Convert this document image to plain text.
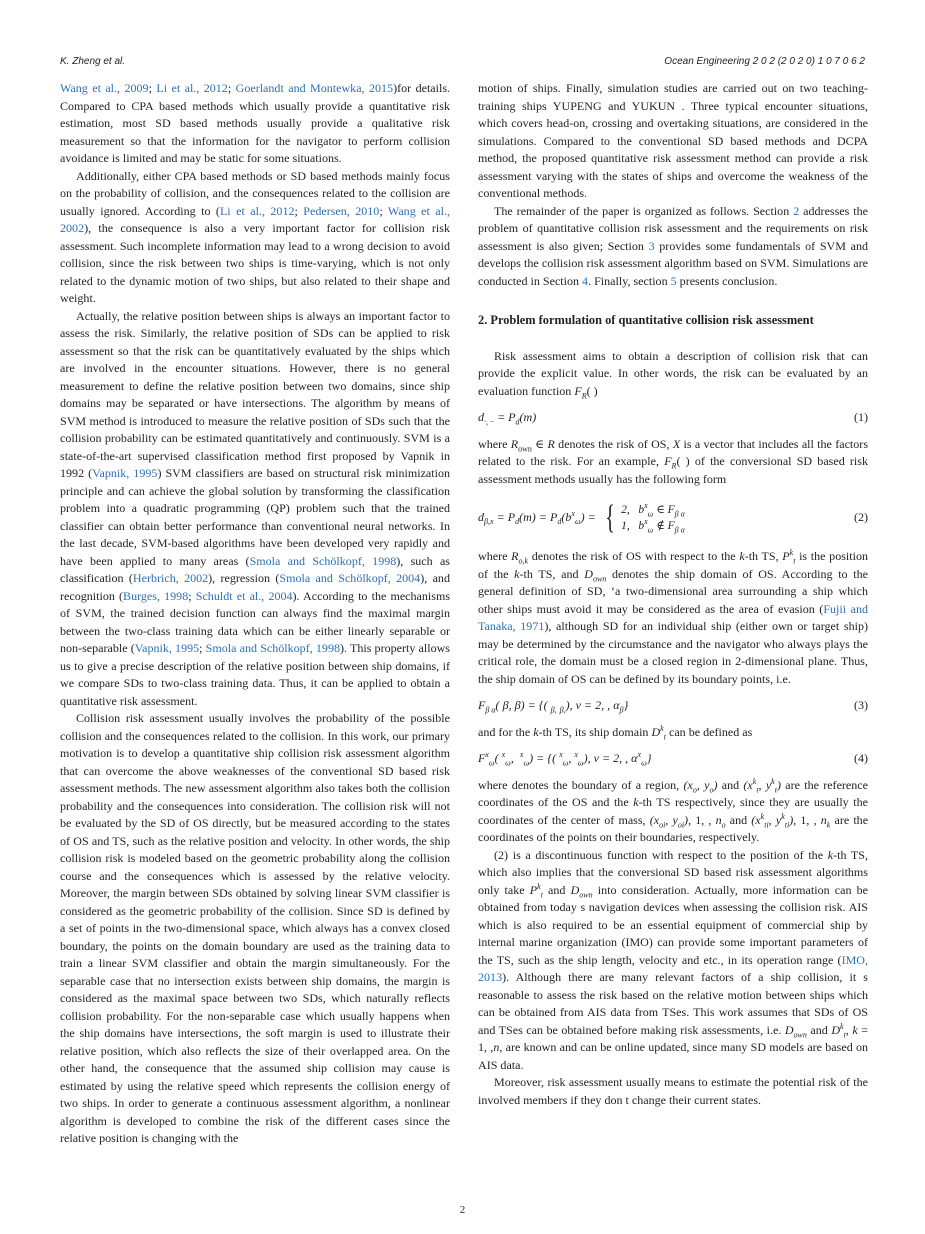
K. Zheng et al.	Ocean Engineering 2 0 2 (2 0 2 0) 1 0 7 0 6 2

Wang et al., 2009; Li et al., 2012; Goerlandt and Montewka, 2015)for details. Compared to CPA based methods which usually provide a quantitative risk estimation, most SD based methods usually provide a qualitative risk measurement so that the information for the navigator to perform collision avoidance is limited and may be static for some situations.

Additionally, either CPA based methods or SD based methods mainly focus on the probability of collision, and the consequences related to the collision are usually ignored. According to (Li et al., 2012; Pedersen, 2010; Wang et al., 2002), the consequence is also a very important factor for collision risk assessment. Such incomplete information may lead to a wrong decision to avoid collision, since the risk between two ships is time-varying, which is not only related to the dynamic motion of two ships, but also related to their shape and weight.

Actually, the relative position between ships is always an important factor to assess the risk. Similarly, the relative position of SDs can be applied to risk assessment so that the risk can be quantitatively evaluated by the ships which are involved in the encounter situations. However, there is no general measurement to define the relative position between two domains, since ship domains may be separated or have intersections. The algorithm by means of SVM method is introduced to measure the relative position of SDs such that the collision probability can be estimated quantitatively and continuously. SVM is a state-of-the-art supervised classification method first proposed by Vapnik in 1992 (Vapnik, 1995) SVM classifiers are based on structural risk minimization principle and can achieve the global solution by transforming the classification problem into a quadratic programming (QP) problem such that the trained classifier can obtain better performance than conventional neural networks. In the last decade, SVM-based algorithms have been developed very rapidly and have been applied to many areas (Smola and Schölkopf, 1998), such as classification (Herbrich, 2002), regression (Smola and Schölkopf, 2004), and recognition (Burges, 1998; Schuldt et al., 2004). According to the mechanisms of SVM, the trained decision function can always find the maximal margin between the two-class training data which can be either linearly separable or non-separable (Vapnik, 1995; Smola and Schölkopf, 1998). This property allows us to give a precise description of the relative position between ship domains, if we compare SDs to two-class training data. Thus, it can be applied to obtain a quantitative risk assessment.

Collision risk assessment usually involves the probability of the possible collision and the consequences related to the collision. In this work, our primary motivation is to develop a quantitative ship collision risk assessment algorithm that can overcome the above weaknesses of the conventional SD based risk assessment methods. The new assessment algorithm also takes both the collision probability and the consequences into consideration. The collision risk will not be evaluated by the SD of OS directly, but be measured according to the states of OS and TS, such as the relative position and velocity. In other words, the ship collision risk is modeled based on the geometric probability along the collision course and the consequences which is assessed by the relative velocity. Moreover, the margin between SDs obtained by solving linear SVM classifier is considered as the geometric probability of the collision. Since SD is defined by a set of points in the two-dimensional space, which always has a convex closed boundary, the points on the domain boundary are used as the training data to train a linear SVM classifier and obtain the margin simultaneously. For the separable case that no intersection exists between ship domains, the margin is considered as the maximal space between two SDs, which naturally reflects collision probability. For the non-separable case which usually happens when the ship domains have intersections, the soft margin is used to illustrate their relative position, which also reflects the size of their overlapped area. On the other hand, the consequence that the assumed ship collision may cause is estimated by using the relative speed which represents the collision energy of two ships. In order to generate a continuous assessment algorithm, a nonlinear algorithm is developed to combine the risk of the different cases since the relative position is changing with the

motion of ships. Finally, simulation studies are carried out on two teaching-training ships YUPENG and YUKUN . Three typical encounter situations, which covers head-on, crossing and overtaking situations, are considered in the simulations. Compared to the conventional SD based methods and DCPA method, the proposed quantitative risk assessment method can provide a risk assessment varying with the states of ships and overcome the weakness of the conventional methods.

The remainder of the paper is organized as follows. Section 2 addresses the problem of quantitative collision risk assessment and the requirements on risk assessment is also given; Section 3 provides some fundamentals of SVM and develops the collision risk assessment algorithm based on SVM. Simulations are conducted in Section 4. Finally, section 5 presents conclusion.

2. Problem formulation of quantitative collision risk assessment

Risk assessment aims to obtain a description of collision risk that can provide the explicit value. In other words, the risk can be evaluated by an evaluation function $F_R$( )

$d_{\cdot, \cdot\cdot} = P_d(m)$	(1)

where $R_{own}$ ∈ R denotes the risk of OS, X is a vector that includes all the factors related to the risk. For an example, $F_R$( ) of the conversional SD based risk assessment methods usually has the following form

$d_{\beta,x} = P_d(m) = P_d(b^x_\omega)$ = { 2, $b^x_\omega$ ∈ $F_{\beta \alpha}$
1, $b^x_\omega$ ∉ $F_{\beta \alpha}$
(2)

where $R_{o,k}$ denotes the risk of OS with respect to the k-th TS, $P^k_t$ is the position of the k-th TS, and $D_{own}$ denotes the ship domain of OS. According to the general definition of SD, ‘a two-dimensional area surrounding a ship which other ships must avoid it may be considered as the area of evasion (Fujii and Tanaka, 1971), although SD for an individual ship (either own or target ship) may be determined by the circumstance and the navigator who always plays the critical role, the domain must be a closed region in 2-dimensional plane. Thus, the ship domain of OS can be defined by its boundary points, i.e.

$F_{\beta \alpha}$( β, β) = {( $_{\beta,}$ $_{\beta,}$), v = 2, , $\alpha_\beta$}	(3)

and for the k-th TS, its ship domain $D^k_t$ can be defined as

$F^x_\omega$( $^x_\omega$,  $^x_\omega$) = {( $^x_\omega$, $^x_\omega$), v = 2, , $\alpha^x_\omega$}	(4)

where denotes the boundary of a region, ($x_o$, $y_o$) and ($x^k_t$, $y^k_t$) are the reference coordinates of the OS and the k-th TS respectively, since they are usually the coordinates of the center of mass, ($x_{oi}$, $y_{oi}$), 1, , $n_o$ and ($x^k_{ti}$, $y^k_{ti}$), 1, , $n_k$ are the coordinates of the points on their boundaries, respectively.

(2) is a discontinuous function with respect to the position of the k-th TS, which also implies that the conversional SD based risk assessment algorithms only take $P^k_t$ and $D_{own}$ into consideration. Actually, more information can be obtained from today s navigation devices when assessing the collision risk. AIS which is also required to be an essential equipment of commercial ship by internal marine organization (IMO) can provide some important parameters of the TS, such as the ship length, velocity and etc., in its operation range (IMO, 2013). Although there are many relevant factors of a ship collision, it s reasonable to assess the risk based on the relative motion between ships which can be obtained from AIS data from TSes. This work assumes that SDs of OS and TSes can be obtained before making risk assessments, i.e. $D_{own}$ and $D^k_t$, k = 1, ,n, are known and can be online updated, since many SD models are based on AIS data.

Moreover, risk assessment usually means to estimate the potential risk of the involved members if they don t change their current states.

2
